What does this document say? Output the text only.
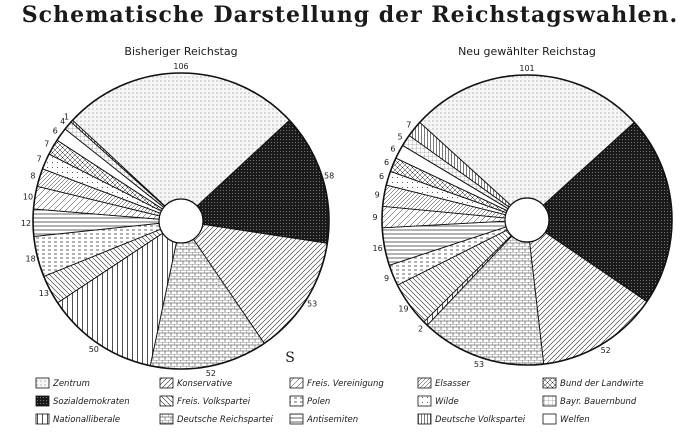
Schematische Darstellung der Reichstagswahlen.
Bisheriger Reichstag
106
58
53
52
50
13
18
12
10
8
7
7
6
4
1
Neu gewählter Reichstag
101
52
53
2
19
9
16
9
9
6
6
6
5
7
Zentrum	Konservative	Freis. Vereinigung	Elsasser	Bund der Landwirte
Sozialdemokraten	Freis. Volkspartei	Polen	Wilde	Bayr. Bauernbund
Nationalliberale	Deutsche Reichspartei	Antisemiten	Deutsche Volkspartei	Welfen
S
